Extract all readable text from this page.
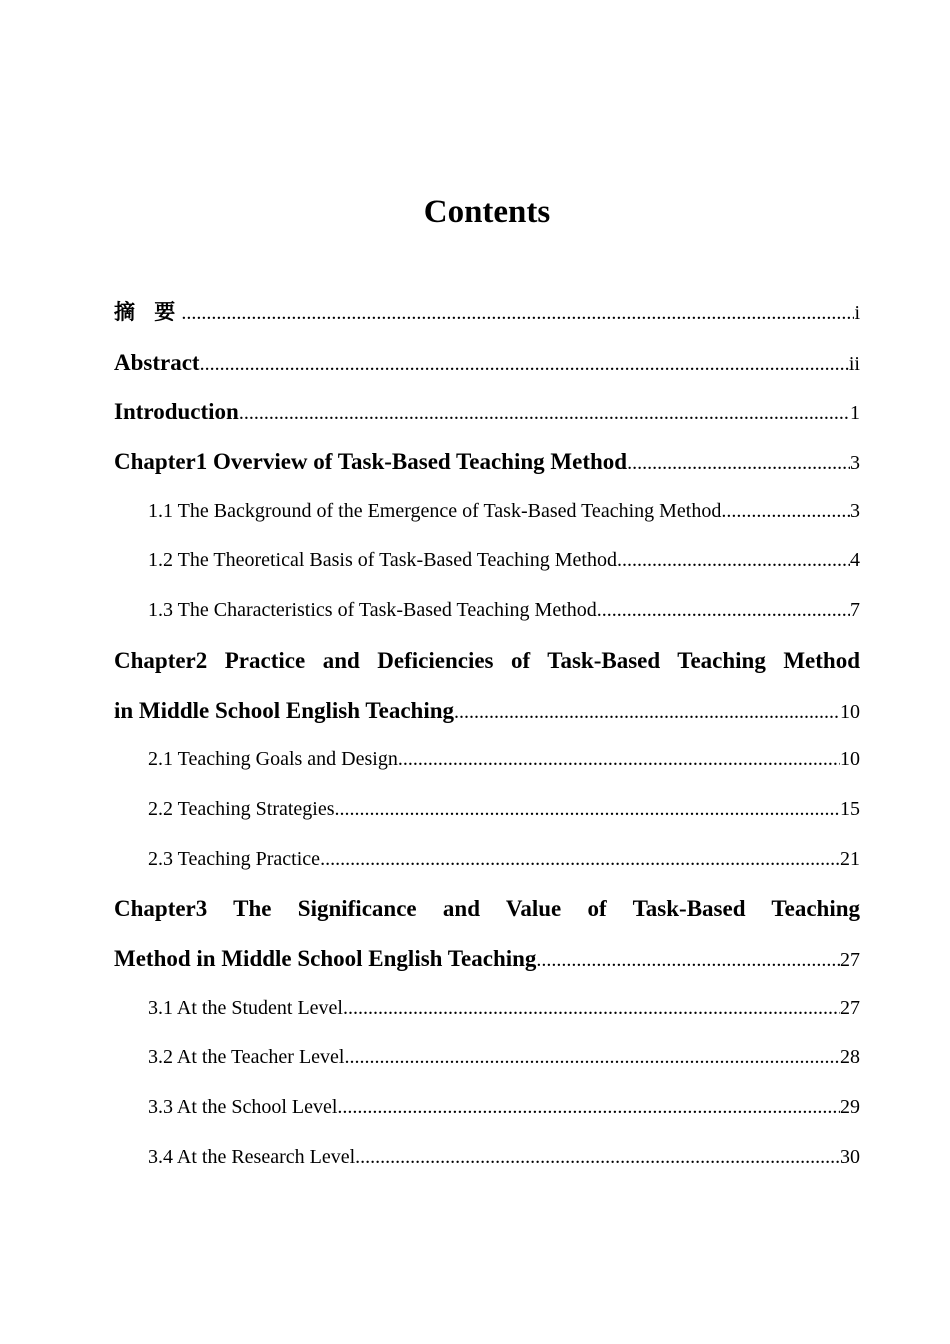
Contents
摘 要 .....	i
Abstract .....	ii
Introduction .....	1
Chapter1 Overview of Task-Based Teaching Method .....	3
1.1 The Background of the Emergence of Task-Based Teaching Method .....	3
1.2 The Theoretical Basis of Task-Based Teaching Method .....	4
1.3 The Characteristics of Task-Based Teaching Method .....	7
Chapter2 Practice and Deficiencies of Task-Based Teaching Method
in Middle School English Teaching .....	10
2.1 Teaching Goals and Design .....	10
2.2 Teaching Strategies .....	15
2.3 Teaching Practice .....	21
Chapter3 The Significance and Value of Task-Based Teaching
Method in Middle School English Teaching .....	27
3.1 At the Student Level .....	27
3.2 At the Teacher Level .....	28
3.3 At the School Level .....	29
3.4 At the Research Level .....	30
